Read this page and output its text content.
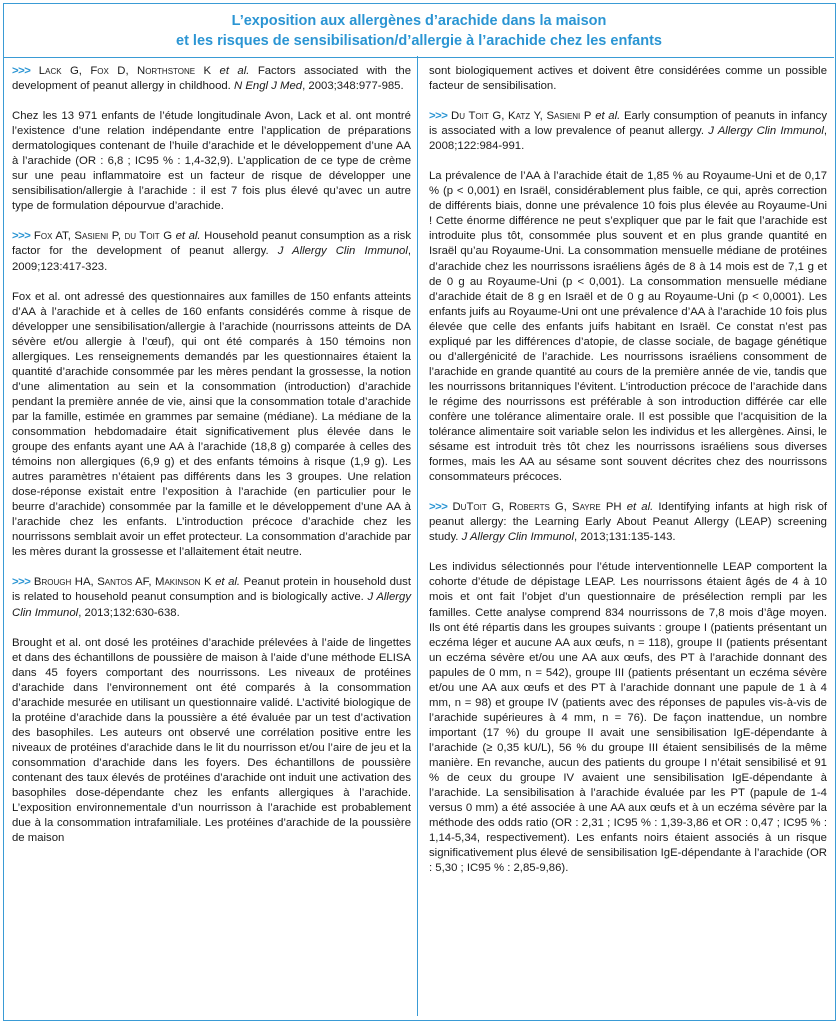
L’exposition aux allergènes d’arachide dans la maison
et les risques de sensibilisation/d’allergie à l’arachide chez les enfants

>>> Lack G, Fox D, Northstone K et al. Factors associated with the development of peanut allergy in childhood. N Engl J Med, 2003;348:977-985.

Chez les 13 971 enfants de l’étude longitudinale Avon, Lack et al. ont montré l’existence d’une relation indépendante entre l’application de préparations dermatologiques contenant de l’huile d’arachide et le développement d’une AA à l’arachide (OR : 6,8 ; IC95 % : 1,4-32,9). L’application de ce type de crème sur une peau inflammatoire est un facteur de risque de développer une sensibilisation/allergie à l’arachide : il est 7 fois plus élevé qu’avec un autre type de formulation dépourvue d’arachide.

>>> Fox AT, Sasieni P, du Toit G et al. Household peanut consumption as a risk factor for the development of peanut allergy. J Allergy Clin Immunol, 2009;123:417-323.

Fox et al. ont adressé des questionnaires aux familles de 150 enfants atteints d’AA à l’arachide et à celles de 160 enfants considérés comme à risque de développer une sensibilisation/allergie à l’arachide (nourrissons atteints de DA sévère et/ou allergie à l’œuf), qui ont été comparés à 150 témoins non allergiques. Les renseignements demandés par les questionnaires étaient la quantité d’arachide consommée par les mères pendant la grossesse, la notion d’une alimentation au sein et la consommation (introduction) d’arachide pendant la première année de vie, ainsi que la consommation totale d’arachide par la famille, estimée en grammes par semaine (médiane). La médiane de la consommation hebdomadaire était significativement plus élevée dans le groupe des enfants ayant une AA à l’arachide (18,8 g) comparée à celles des témoins non allergiques (6,9 g) et des enfants témoins à risque (1,9 g). Les autres paramètres n’étaient pas différents dans les 3 groupes. Une relation dose-réponse existait entre l’exposition à l’arachide (en particulier pour le beurre d’arachide) consommée par la famille et le développement d’une AA à l’arachide chez les enfants. L’introduction précoce d’arachide chez les nourrissons semblait avoir un effet protecteur. La consommation d’arachide par les mères durant la grossesse et l’allaitement était neutre.

>>> Brough HA, Santos AF, Makinson K et al. Peanut protein in household dust is related to household peanut consumption and is biologically active. J Allergy Clin Immunol, 2013;132:630-638.

Brought et al. ont dosé les protéines d’arachide prélevées à l’aide de lingettes et dans des échantillons de poussière de maison à l’aide d’une méthode ELISA dans 45 foyers comportant des nourrissons. Les niveaux de protéines d’arachide dans l’environnement ont été comparés à la consommation d’arachide mesurée en utilisant un questionnaire validé. L’activité biologique de la protéine d’arachide dans la poussière a été évaluée par un test d’activation des basophiles. Les auteurs ont observé une corrélation positive entre les niveaux de protéines d’arachide dans le lit du nourrisson et/ou l’aire de jeu et la consommation d’arachide dans les foyers. Des échantillons de poussière contenant des taux élevés de protéines d’arachide ont induit une activation des basophiles dose-dépendante chez les enfants allergiques à l’arachide. L’exposition environnementale d’un nourrisson à l’arachide est probablement due à la consommation intrafamiliale. Les protéines d’arachide de la poussière de maison

sont biologiquement actives et doivent être considérées comme un possible facteur de sensibilisation.

>>> Du Toit G, Katz Y, Sasieni P et al. Early consumption of peanuts in infancy is associated with a low prevalence of peanut allergy. J Allergy Clin Immunol, 2008;122:984-991.

La prévalence de l’AA à l’arachide était de 1,85 % au Royaume-Uni et de 0,17 % (p < 0,001) en Israël, considérablement plus faible, ce qui, après correction de différents biais, donne une prévalence 10 fois plus élevée au Royaume-Uni ! Cette énorme différence ne peut s’expliquer que par le fait que l’arachide est introduite plus tôt, consommée plus souvent et en plus grande quantité en Israël qu’au Royaume-Uni. La consommation mensuelle médiane de protéines d’arachide chez les nourrissons israéliens âgés de 8 à 14 mois est de 7,1 g et de 0 g au Royaume-Uni (p < 0,001). La consommation mensuelle médiane d’arachide était de 8 g en Israël et de 0 g au Royaume-Uni (p < 0,0001). Les enfants juifs au Royaume-Uni ont une prévalence d’AA à l’arachide 10 fois plus élevée que celle des enfants juifs habitant en Israël. Ce constat n’est pas expliqué par les différences d’atopie, de classe sociale, de bagage génétique ou d’allergénicité de l’arachide. Les nourrissons israéliens consomment de l’arachide en grande quantité au cours de la première année de vie, tandis que les nourrissons britanniques l’évitent. L’introduction précoce de l’arachide dans le régime des nourrissons est préférable à son introduction différée car elle confère une tolérance alimentaire orale. Il est possible que l’acquisition de la tolérance alimentaire soit variable selon les individus et les allergènes. Ainsi, le sésame est introduit très tôt chez les nourrissons israéliens sous diverses formes, mais les AA au sésame sont souvent décrites chez des nourrissons consommateurs précoces.

>>> DuToit G, Roberts G, Sayre PH et al. Identifying infants at high risk of peanut allergy: the Learning Early About Peanut Allergy (LEAP) screening study. J Allergy Clin Immunol, 2013;131:135-143.

Les individus sélectionnés pour l’étude interventionnelle LEAP comportent la cohorte d’étude de dépistage LEAP. Les nourrissons étaient âgés de 4 à 10 mois et ont fait l’objet d’un questionnaire de présélection rempli par les familles. Cette analyse comprend 834 nourrissons de 7,8 mois d’âge moyen. Ils ont été répartis dans les groupes suivants : groupe I (patients présentant un eczéma léger et aucune AA aux œufs, n = 118), groupe II (patients présentant un eczéma sévère et/ou une AA aux œufs, des PT à l’arachide donnant des papules de 0 mm, n = 542), groupe III (patients présentant un eczéma sévère et/ou une AA aux œufs et des PT à l’arachide donnant une papule de 1 à 4 mm, n = 98) et groupe IV (patients avec des réponses de papules vis-à-vis de l’arachide supérieures à 4 mm, n = 76). De façon inattendue, un nombre important (17 %) du groupe II avait une sensibilisation IgE-dépendante à l’arachide (≥ 0,35 kU/L), 56 % du groupe III étaient sensibilisés de la même manière. En revanche, aucun des patients du groupe I n’était sensibilisé et 91 % de ceux du groupe IV avaient une sensibilisation IgE-dépendante à l’arachide. La sensibilisation à l’arachide évaluée par les PT (papule de 1-4 versus 0 mm) a été associée à une AA aux œufs et à un eczéma sévère par la méthode des odds ratio (OR : 2,31 ; IC95 % : 1,39-3,86 et OR : 0,47 ; IC95 % : 1,14-5,34, respectivement). Les enfants noirs étaient associés à un risque significativement plus élevé de sensibilisation IgE-dépendante à l’arachide (OR : 5,30 ; IC95 % : 2,85-9,86).
